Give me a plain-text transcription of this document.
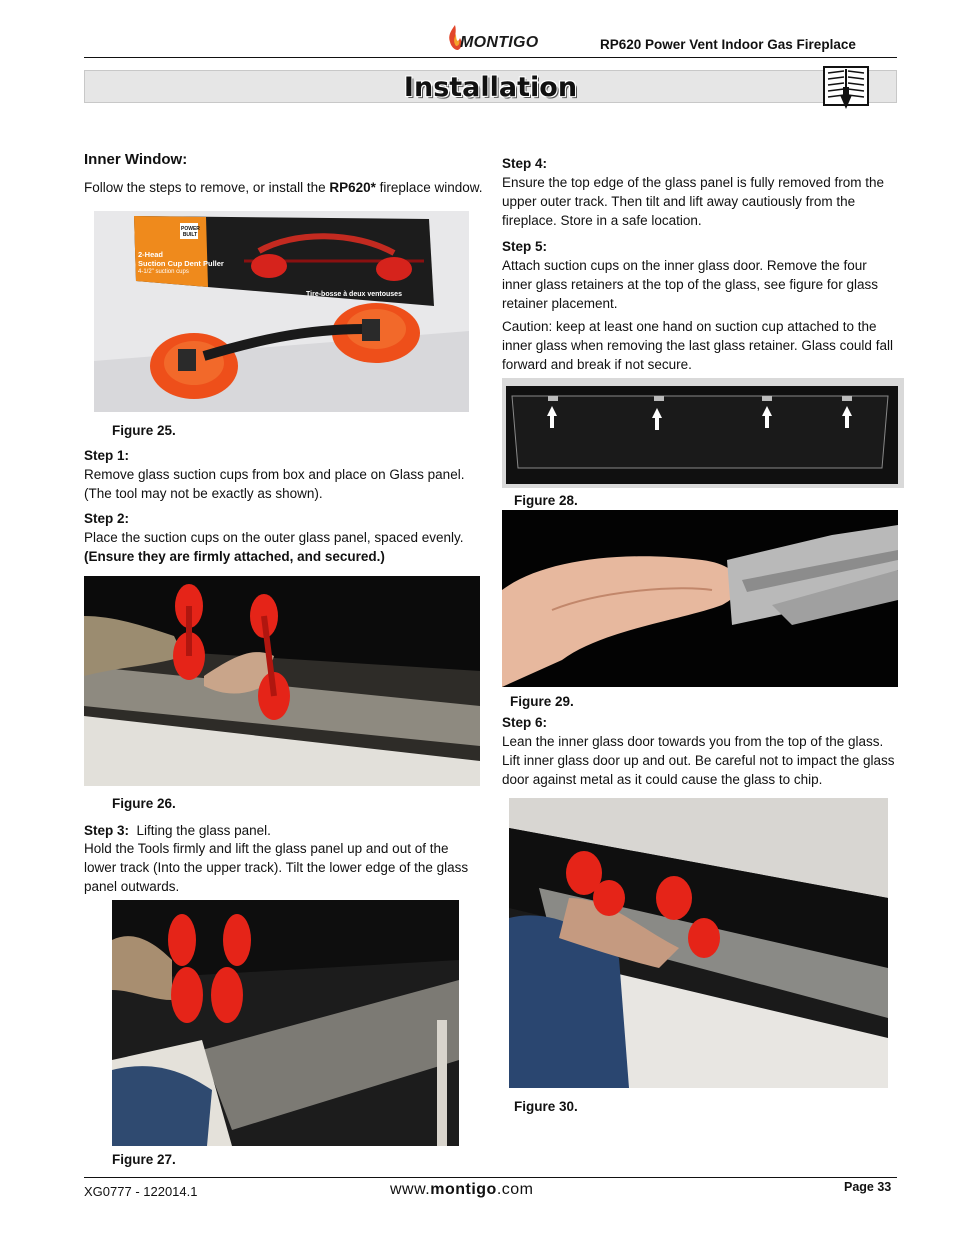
MONTIGO	RP620 Power Vent Indoor Gas Fireplace
Installation
Inner Window:
Follow the steps to remove, or install the RP620* fireplace window.
Figure 25.
Step 1:
Remove glass suction cups from box and place on Glass panel. (The tool may not be exactly as shown).
Step 2:
Place the suction cups on the outer glass panel, spaced evenly.
(Ensure they are firmly attached, and secured.)
Figure 26.
Step 3: Lifting the glass panel.
Hold the Tools firmly and lift the glass panel up and out of the lower track (Into the upper track). Tilt the lower edge of the glass panel outwards.
Figure 27.
Step 4:
Ensure the top edge of the glass panel is fully removed from the upper outer track. Then tilt and lift away cautiously from the fireplace. Store in a safe location.
Step 5:
Attach suction cups on the inner glass door. Remove the four inner glass retainers at the top of the glass, see figure for glass retainer placement.
Caution: keep at least one hand on suction cup attached to the inner glass when removing the last glass retainer. Glass could fall forward and break if not secure.
Figure 28.
Figure 29.
Step 6:
Lean the inner glass door towards you from the top of the glass. Lift inner glass door up and out. Be careful not to impact the glass door against metal as it could cause the glass to chip.
Figure 30.
XG0777 - 122014.1	www.montigo.com	Page 33
2-Head
Suction Cup Dent Puller
4-1/2" suction cups
POWER BUILT
Tire-bosse à deux ventouses
